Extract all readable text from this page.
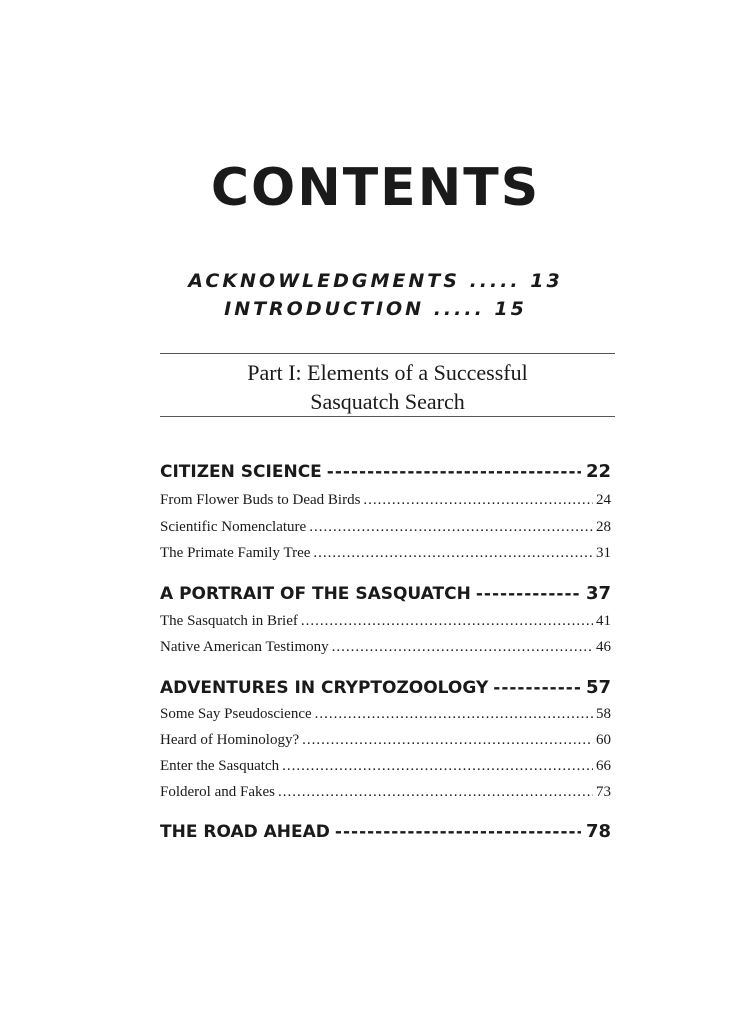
CONTENTS
ACKNOWLEDGMENTS ..... 13
INTRODUCTION ..... 15
Part I: Elements of a Successful
Sasquatch Search
CITIZEN SCIENCE -----	22
From Flower Buds to Dead Birds .....	24
Scientific Nomenclature .....	28
The Primate Family Tree .....	31
A PORTRAIT OF THE SASQUATCH -----	37
The Sasquatch in Brief .....	41
Native American Testimony .....	46
ADVENTURES IN CRYPTOZOOLOGY -----	57
Some Say Pseudoscience .....	58
Heard of Hominology? .....	60
Enter the Sasquatch .....	66
Folderol and Fakes .....	73
THE ROAD AHEAD -----	78
